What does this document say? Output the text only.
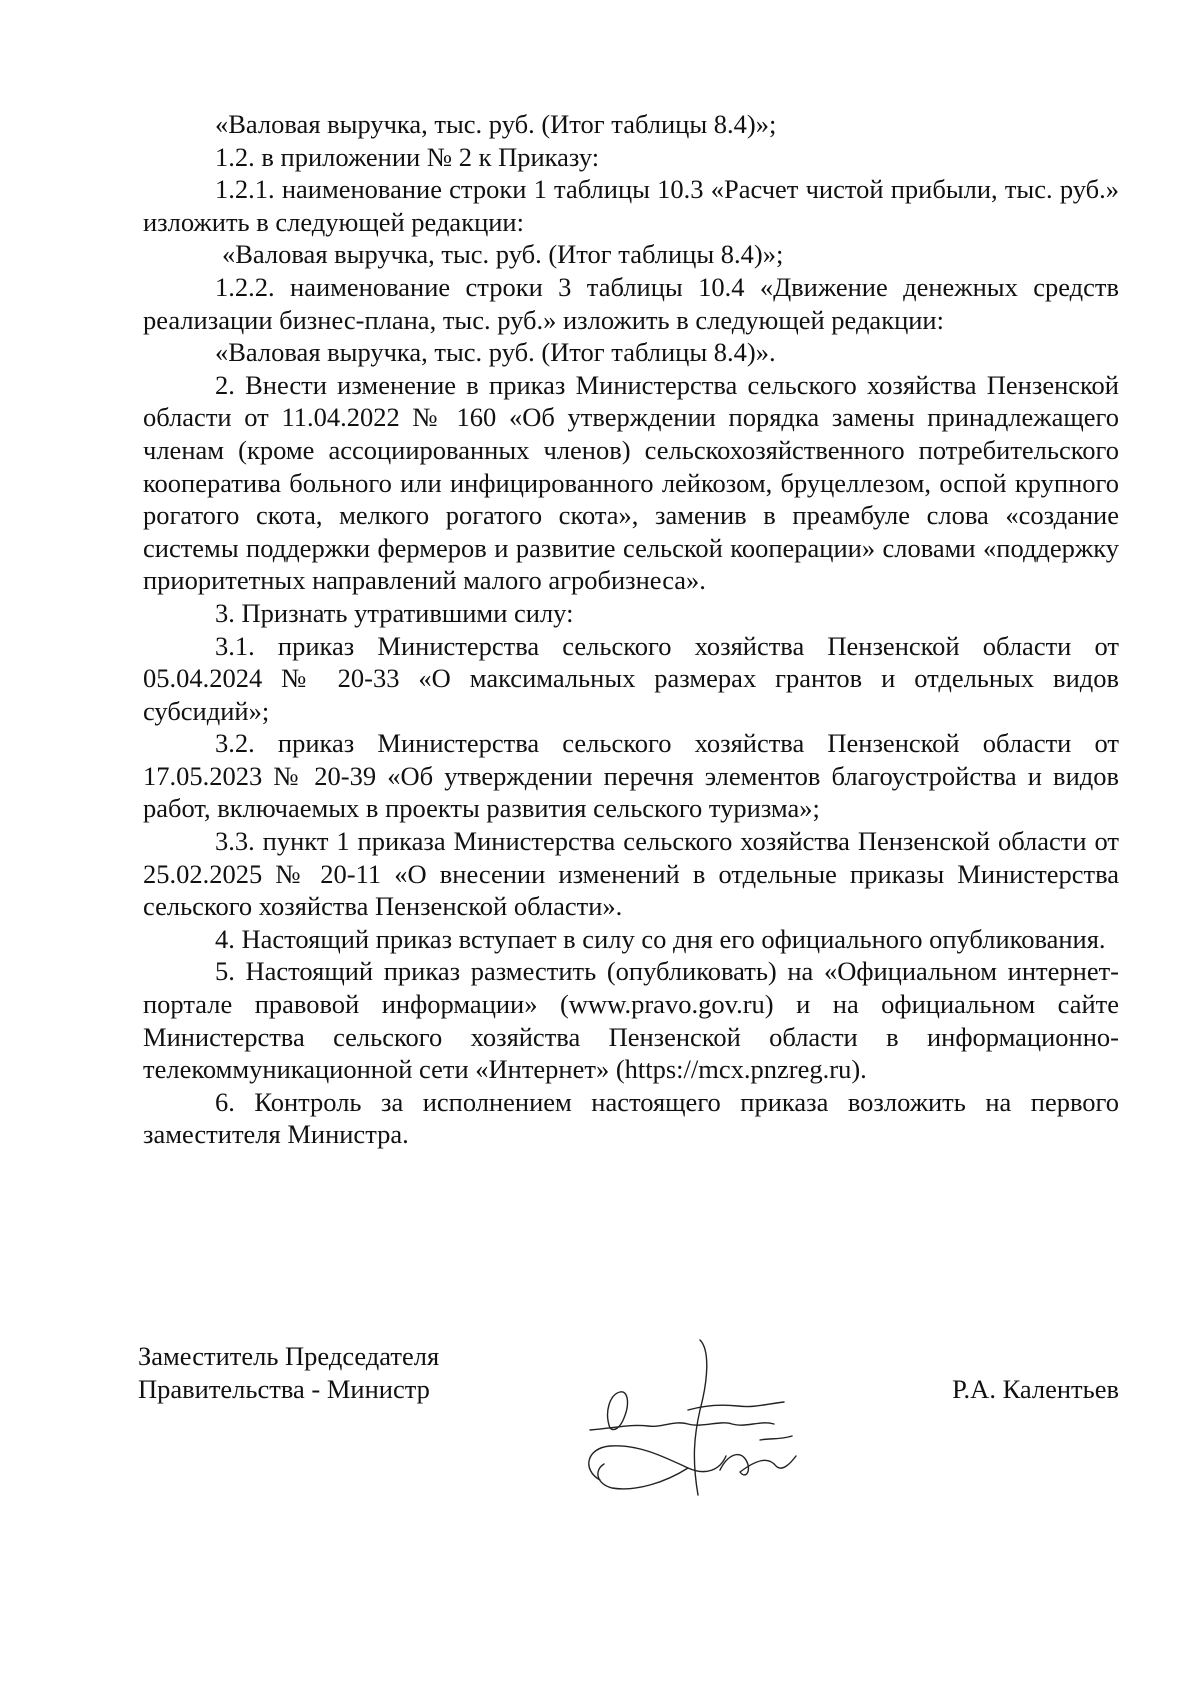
«Валовая выручка, тыс. руб. (Итог таблицы 8.4)»;

1.2. в приложении № 2 к Приказу:

1.2.1. наименование строки 1 таблицы 10.3 «Расчет чистой прибыли, тыс. руб.» изложить в следующей редакции:

«Валовая выручка, тыс. руб. (Итог таблицы 8.4)»;

1.2.2. наименование строки 3 таблицы 10.4 «Движение денежных средств реализации бизнес-плана, тыс. руб.» изложить в следующей редакции:

«Валовая выручка, тыс. руб. (Итог таблицы 8.4)».

2. Внести изменение в приказ Министерства сельского хозяйства Пензенской области от 11.04.2022 № 160 «Об утверждении порядка замены принадлежащего членам (кроме ассоциированных членов) сельскохозяйственного потребительского кооператива больного или инфицированного лейкозом, бруцеллезом, оспой крупного рогатого скота, мелкого рогатого скота», заменив в преамбуле слова «создание системы поддержки фермеров и развитие сельской кооперации» словами «поддержку приоритетных направлений малого агробизнеса».

3. Признать утратившими силу:

3.1. приказ Министерства сельского хозяйства Пензенской области от 05.04.2024 № 20-33 «О максимальных размерах грантов и отдельных видов субсидий»;

3.2. приказ Министерства сельского хозяйства Пензенской области от 17.05.2023 № 20-39 «Об утверждении перечня элементов благоустройства и видов работ, включаемых в проекты развития сельского туризма»;

3.3. пункт 1 приказа Министерства сельского хозяйства Пензенской области от 25.02.2025 № 20-11 «О внесении изменений в отдельные приказы Министерства сельского хозяйства Пензенской области».

4. Настоящий приказ вступает в силу со дня его официального опубликования.

5. Настоящий приказ разместить (опубликовать) на «Официальном интернет-портале правовой информации» (www.pravo.gov.ru) и на официальном сайте Министерства сельского хозяйства Пензенской области в информационно-телекоммуникационной сети «Интернет» (https://mcx.pnzreg.ru).

6. Контроль за исполнением настоящего приказа возложить на первого заместителя Министра.

Заместитель Председателя
Правительства - Министр	Р.А. Калентьев
